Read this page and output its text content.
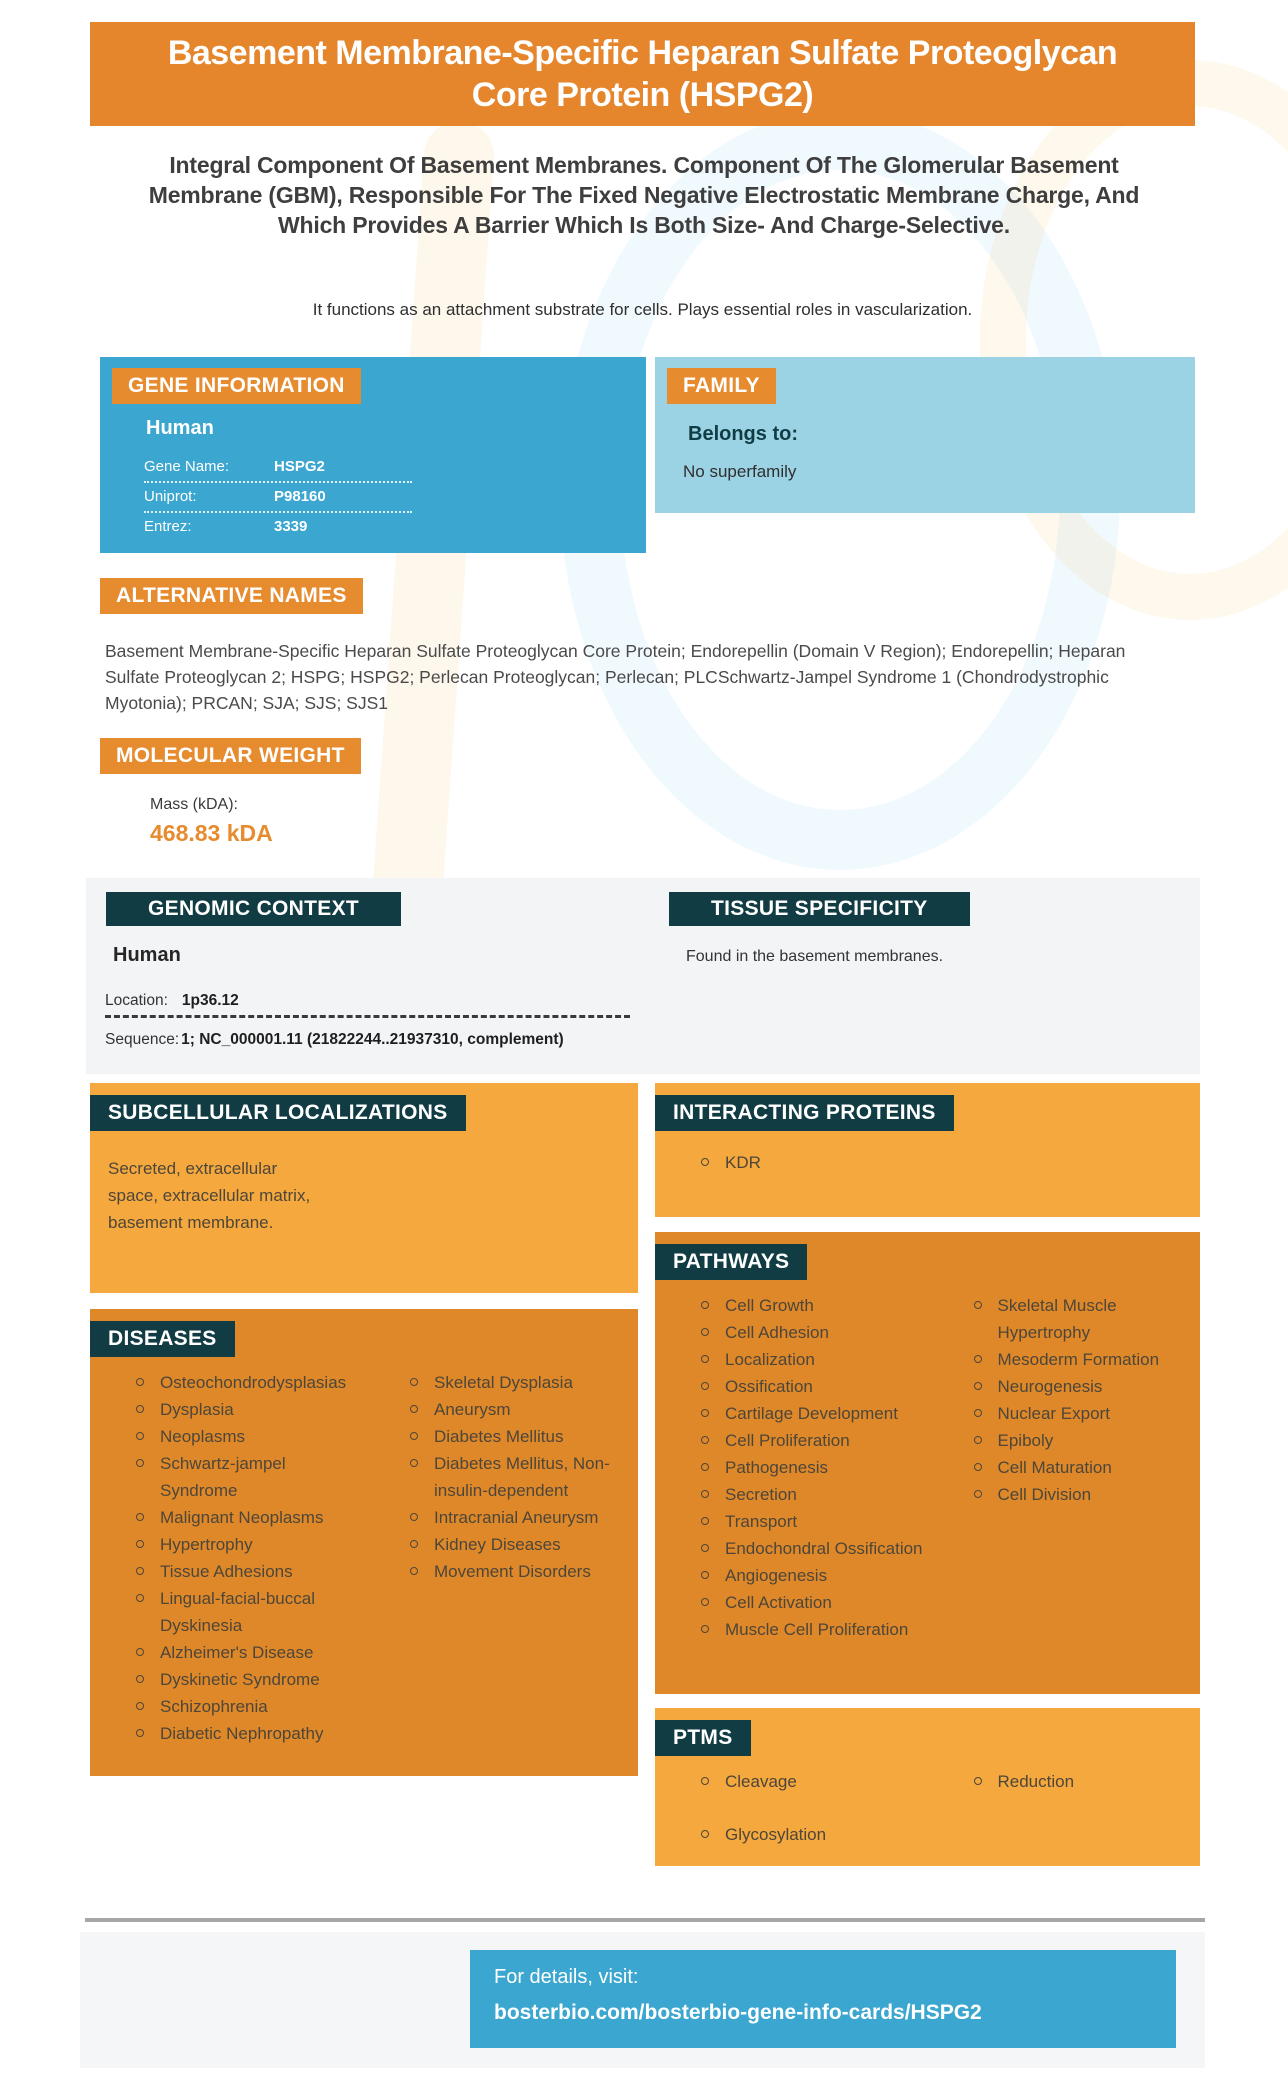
Basement Membrane-Specific Heparan Sulfate Proteoglycan Core Protein (HSPG2)
Integral Component Of Basement Membranes. Component Of The Glomerular Basement Membrane (GBM), Responsible For The Fixed Negative Electrostatic Membrane Charge, And Which Provides A Barrier Which Is Both Size- And Charge-Selective.
It functions as an attachment substrate for cells. Plays essential roles in vascularization.
GENE INFORMATION
Human
Gene Name:	HSPG2
Uniprot:	P98160
Entrez:	3339
FAMILY
Belongs to:
No superfamily
ALTERNATIVE NAMES
Basement Membrane-Specific Heparan Sulfate Proteoglycan Core Protein; Endorepellin (Domain V Region); Endorepellin; Heparan Sulfate Proteoglycan 2; HSPG; HSPG2; Perlecan Proteoglycan; Perlecan; PLCSchwartz-Jampel Syndrome 1 (Chondrodystrophic Myotonia); PRCAN; SJA; SJS; SJS1
MOLECULAR WEIGHT
Mass (kDA):
468.83 kDA
GENOMIC CONTEXT
Human
Location: 1p36.12
Sequence: 1; NC_000001.11 (21822244..21937310, complement)
TISSUE SPECIFICITY
Found in the basement membranes.
SUBCELLULAR LOCALIZATIONS
Secreted, extracellular space, extracellular matrix, basement membrane.
INTERACTING PROTEINS
KDR
DISEASES
Osteochondrodysplasias
Dysplasia
Neoplasms
Schwartz-jampel Syndrome
Malignant Neoplasms
Hypertrophy
Tissue Adhesions
Lingual-facial-buccal Dyskinesia
Alzheimer's Disease
Dyskinetic Syndrome
Schizophrenia
Diabetic Nephropathy
Skeletal Dysplasia
Aneurysm
Diabetes Mellitus
Diabetes Mellitus, Non-insulin-dependent
Intracranial Aneurysm
Kidney Diseases
Movement Disorders
PATHWAYS
Cell Growth
Cell Adhesion
Localization
Ossification
Cartilage Development
Cell Proliferation
Pathogenesis
Secretion
Transport
Endochondral Ossification
Angiogenesis
Cell Activation
Muscle Cell Proliferation
Skeletal Muscle Hypertrophy
Mesoderm Formation
Neurogenesis
Nuclear Export
Epiboly
Cell Maturation
Cell Division
PTMS
Cleavage
Glycosylation
Reduction
For details, visit:
bosterbio.com/bosterbio-gene-info-cards/HSPG2
